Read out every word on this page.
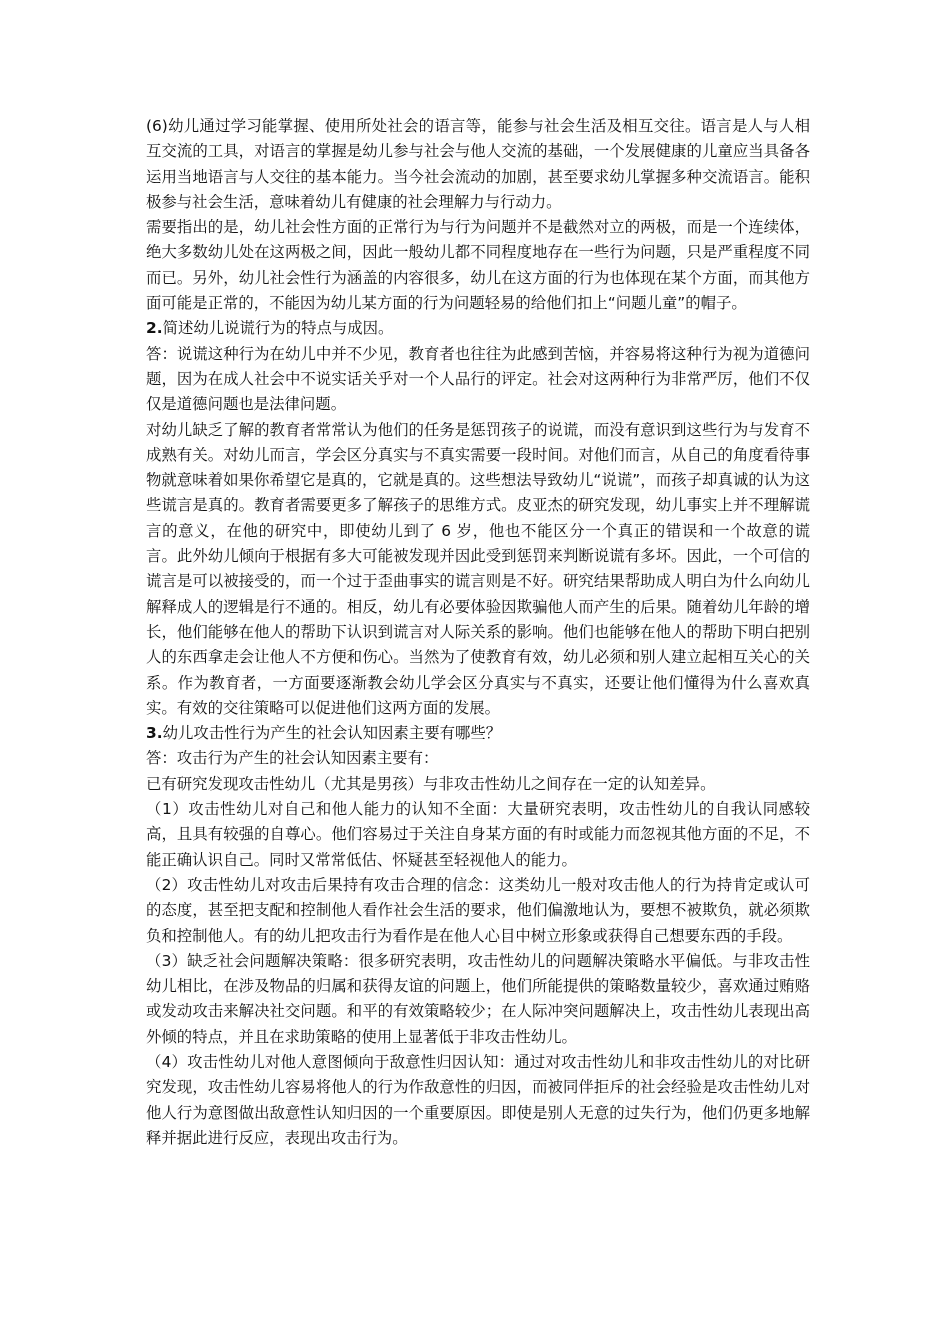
(6)幼儿通过学习能掌握、使用所处社会的语言等，能参与社会生活及相互交往。语言是人与人相互交流的工具，对语言的掌握是幼儿参与社会与他人交流的基础，一个发展健康的儿童应当具备各运用当地语言与人交往的基本能力。当今社会流动的加剧，甚至要求幼儿掌握多种交流语言。能积极参与社会生活，意味着幼儿有健康的社会理解力与行动力。

需要指出的是，幼儿社会性方面的正常行为与行为问题并不是截然对立的两极，而是一个连续体，绝大多数幼儿处在这两极之间，因此一般幼儿都不同程度地存在一些行为问题，只是严重程度不同而已。另外，幼儿社会性行为涵盖的内容很多，幼儿在这方面的行为也体现在某个方面，而其他方面可能是正常的，不能因为幼儿某方面的行为问题轻易的给他们扣上“问题儿童”的帽子。

2.简述幼儿说谎行为的特点与成因。

答：说谎这种行为在幼儿中并不少见，教育者也往往为此感到苦恼，并容易将这种行为视为道德问题，因为在成人社会中不说实话关乎对一个人品行的评定。社会对这两种行为非常严厉，他们不仅仅是道德问题也是法律问题。

对幼儿缺乏了解的教育者常常认为他们的任务是惩罚孩子的说谎，而没有意识到这些行为与发育不成熟有关。对幼儿而言，学会区分真实与不真实需要一段时间。对他们而言，从自己的角度看待事物就意味着如果你希望它是真的，它就是真的。这些想法导致幼儿“说谎”，而孩子却真诚的认为这些谎言是真的。教育者需要更多了解孩子的思维方式。皮亚杰的研究发现，幼儿事实上并不理解谎言的意义，在他的研究中，即使幼儿到了 6 岁，他也不能区分一个真正的错误和一个故意的谎言。此外幼儿倾向于根据有多大可能被发现并因此受到惩罚来判断说谎有多坏。因此，一个可信的谎言是可以被接受的，而一个过于歪曲事实的谎言则是不好。研究结果帮助成人明白为什么向幼儿解释成人的逻辑是行不通的。相反，幼儿有必要体验因欺骗他人而产生的后果。随着幼儿年龄的增长，他们能够在他人的帮助下认识到谎言对人际关系的影响。他们也能够在他人的帮助下明白把别人的东西拿走会让他人不方便和伤心。当然为了使教育有效，幼儿必须和别人建立起相互关心的关系。作为教育者，一方面要逐渐教会幼儿学会区分真实与不真实，还要让他们懂得为什么喜欢真实。有效的交往策略可以促进他们这两方面的发展。

3.幼儿攻击性行为产生的社会认知因素主要有哪些？

答：攻击行为产生的社会认知因素主要有：

已有研究发现攻击性幼儿（尤其是男孩）与非攻击性幼儿之间存在一定的认知差异。

（1）攻击性幼儿对自己和他人能力的认知不全面：大量研究表明，攻击性幼儿的自我认同感较高，且具有较强的自尊心。他们容易过于关注自身某方面的有时或能力而忽视其他方面的不足，不能正确认识自己。同时又常常低估、怀疑甚至轻视他人的能力。

（2）攻击性幼儿对攻击后果持有攻击合理的信念：这类幼儿一般对攻击他人的行为持肯定或认可的态度，甚至把支配和控制他人看作社会生活的要求，他们偏激地认为，要想不被欺负，就必须欺负和控制他人。有的幼儿把攻击行为看作是在他人心目中树立形象或获得自己想要东西的手段。

（3）缺乏社会问题解决策略：很多研究表明，攻击性幼儿的问题解决策略水平偏低。与非攻击性幼儿相比，在涉及物品的归属和获得友谊的问题上，他们所能提供的策略数量较少，喜欢通过贿赂或发动攻击来解决社交问题。和平的有效策略较少；在人际冲突问题解决上，攻击性幼儿表现出高外倾的特点，并且在求助策略的使用上显著低于非攻击性幼儿。

（4）攻击性幼儿对他人意图倾向于敌意性归因认知：通过对攻击性幼儿和非攻击性幼儿的对比研究发现，攻击性幼儿容易将他人的行为作敌意性的归因，而被同伴拒斥的社会经验是攻击性幼儿对他人行为意图做出敌意性认知归因的一个重要原因。即使是别人无意的过失行为，他们仍更多地解释并据此进行反应，表现出攻击行为。
